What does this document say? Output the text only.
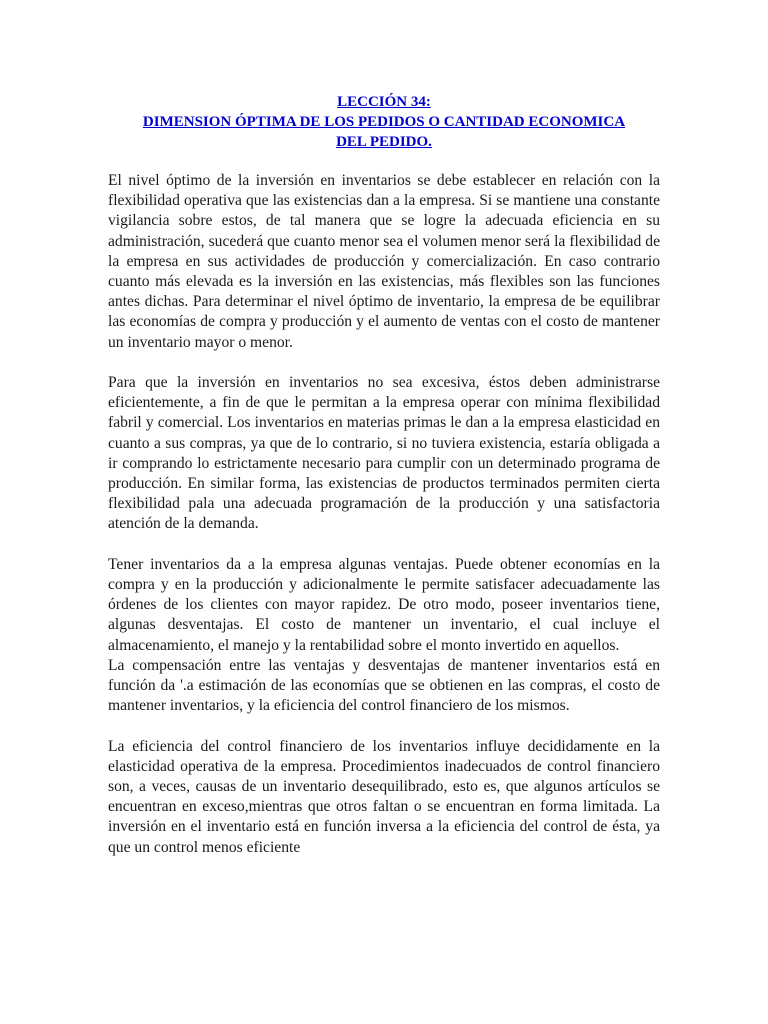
LECCIÓN 34:
DIMENSION ÓPTIMA DE LOS PEDIDOS O CANTIDAD ECONOMICA
DEL PEDIDO.

El nivel óptimo de la inversión en inventarios se debe establecer en relación con la flexibilidad operativa que las existencias dan a la empresa. Si se mantiene una constante vigilancia sobre estos, de tal manera que se logre la adecuada eficiencia en su administración, sucederá que cuanto menor sea el volumen menor será la flexibilidad de la empresa en sus actividades de producción y comercialización. En caso contrario cuanto más elevada es la inversión en las existencias, más flexibles son las funciones antes dichas. Para determinar el nivel óptimo de inventario, la empresa de be equilibrar las economías de compra y producción y el aumento de ventas con el costo de mantener un inventario mayor o menor.

Para que la inversión en inventarios no sea excesiva, éstos deben administrarse eficientemente, a fin de que le permitan a la empresa operar con mínima flexibilidad fabril y comercial. Los inventarios en materias primas le dan a la empresa elasticidad en cuanto a sus compras, ya que de lo contrario, si no tuviera existencia, estaría obligada a ir comprando lo estrictamente necesario para cumplir con un determinado programa de producción. En similar forma, las existencias de productos terminados permiten cierta flexibilidad pala una adecuada programación de la producción y una satisfactoria atención de la demanda.

Tener inventarios da a la empresa algunas ventajas. Puede obtener economías en la compra y en la producción y adicionalmente le permite satisfacer adecuadamente las órdenes de los clientes con mayor rapidez. De otro modo, poseer inventarios tiene, algunas desventajas. El costo de mantener un inventario, el cual incluye el almacenamiento, el manejo y la rentabilidad sobre el monto invertido en aquellos.

La compensación entre las ventajas y desventajas de mantener inventarios está en función da '.a estimación de las economías que se obtienen en las compras, el costo de mantener inventarios, y la eficiencia del control financiero de los mismos.

La eficiencia del control financiero de los inventarios influye decididamente en la elasticidad operativa de la empresa. Procedimientos inadecuados de control financiero son, a veces, causas de un inventario desequilibrado, esto es, que algunos artículos se encuentran en exceso,mientras que otros faltan o se encuentran en forma limitada. La inversión en el inventario está en función inversa a la eficiencia del control de ésta, ya que un control menos eficiente
